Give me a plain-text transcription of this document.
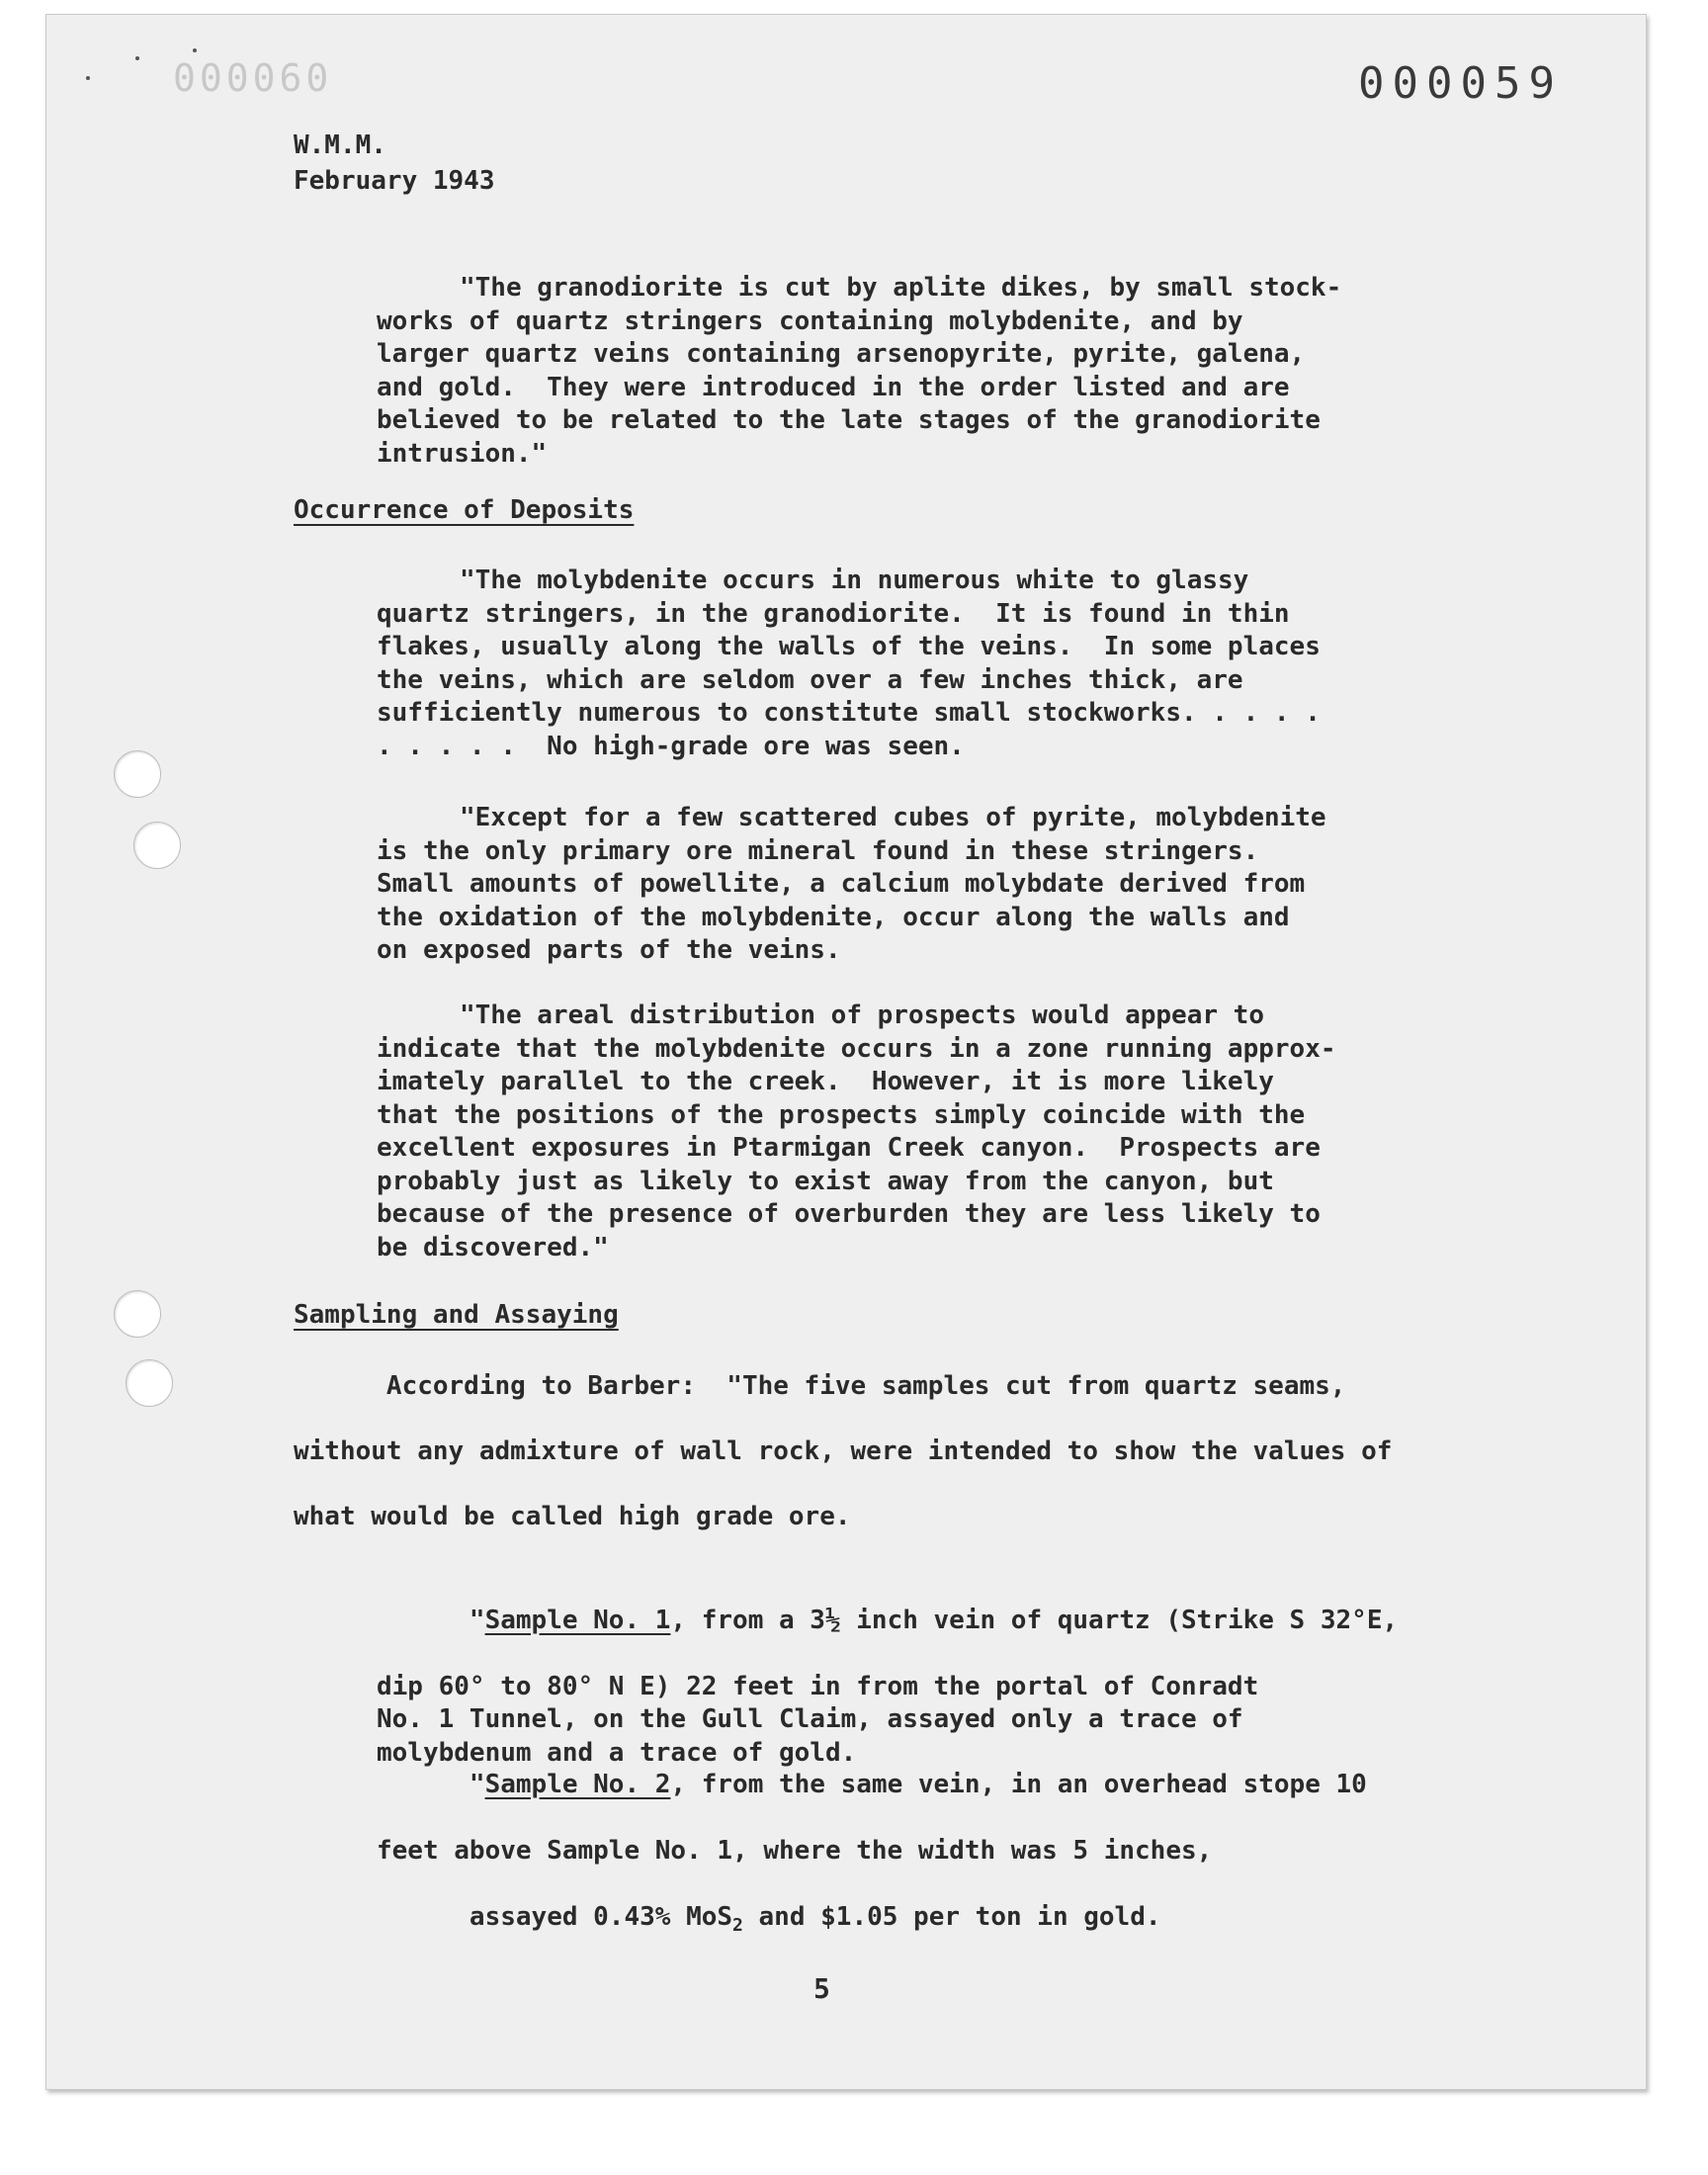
000060	000059
W.M.M.
February 1943
"The granodiorite is cut by aplite dikes, by small stock-
works of quartz stringers containing molybdenite, and by
larger quartz veins containing arsenopyrite, pyrite, galena,
and gold.  They were introduced in the order listed and are
believed to be related to the late stages of the granodiorite
intrusion."
Occurrence of Deposits
"The molybdenite occurs in numerous white to glassy
quartz stringers, in the granodiorite.  It is found in thin
flakes, usually along the walls of the veins.  In some places
the veins, which are seldom over a few inches thick, are
sufficiently numerous to constitute small stockworks. . . . .
. . . . .  No high-grade ore was seen.
"Except for a few scattered cubes of pyrite, molybdenite
is the only primary ore mineral found in these stringers.
Small amounts of powellite, a calcium molybdate derived from
the oxidation of the molybdenite, occur along the walls and
on exposed parts of the veins.
"The areal distribution of prospects would appear to
indicate that the molybdenite occurs in a zone running approx-
imately parallel to the creek.  However, it is more likely
that the positions of the prospects simply coincide with the
excellent exposures in Ptarmigan Creek canyon.  Prospects are
probably just as likely to exist away from the canyon, but
because of the presence of overburden they are less likely to
be discovered."
Sampling and Assaying
According to Barber:  "The five samples cut from quartz seams,
without any admixture of wall rock, were intended to show the values of
what would be called high grade ore.

"Sample No. 1, from a 3½ inch vein of quartz (Strike S 32°E,

dip 60° to 80° N E) 22 feet in from the portal of Conradt
No. 1 Tunnel, on the Gull Claim, assayed only a trace of
molybdenum and a trace of gold.

"Sample No. 2, from the same vein, in an overhead stope 10

feet above Sample No. 1, where the width was 5 inches,

assayed 0.43% MoS$_2$ and $1.05 per ton in gold.

5
